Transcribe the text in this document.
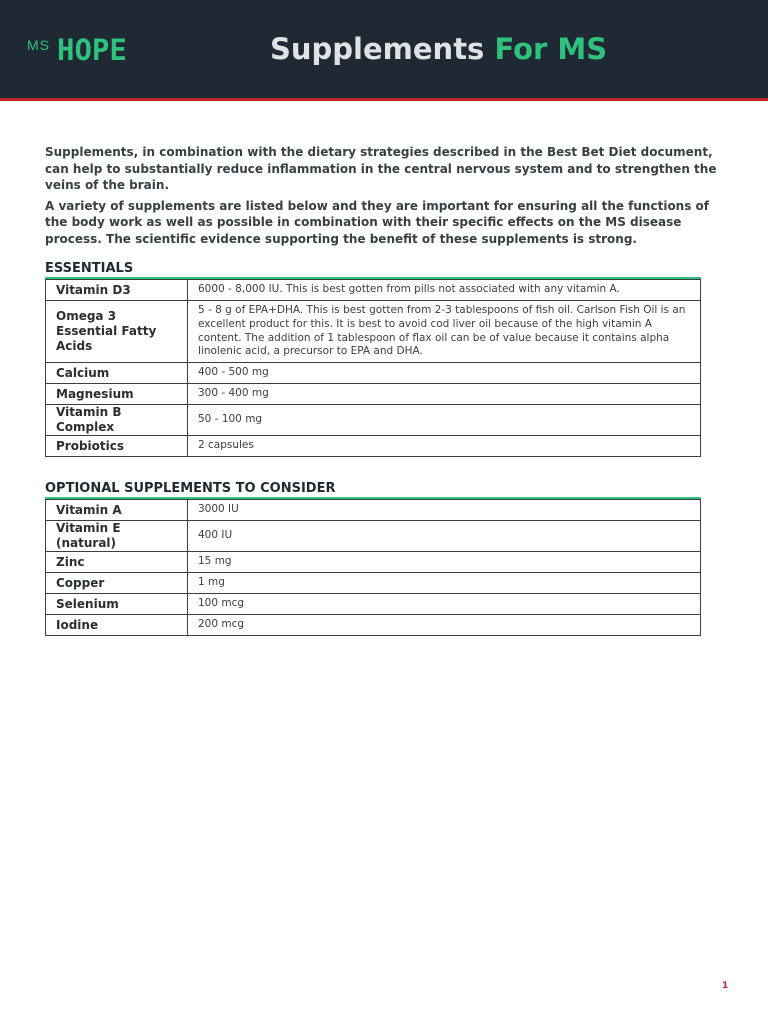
MS HOPE	Supplements For MS

Supplements, in combination with the dietary strategies described in the Best Bet Diet document, can help to substantially reduce inflammation in the central nervous system and to strengthen the veins of the brain.

A variety of supplements are listed below and they are important for ensuring all the functions of the body work as well as possible in combination with their specific effects on the MS disease process. The scientific evidence supporting the benefit of these supplements is strong.

ESSENTIALS
Vitamin D3	6000 - 8,000 IU. This is best gotten from pills not associated with any vitamin A.
Omega 3 Essential Fatty Acids	5 - 8 g of EPA+DHA. This is best gotten from 2-3 tablespoons of fish oil. Carlson Fish Oil is an excellent product for this. It is best to avoid cod liver oil because of the high vitamin A content. The addition of 1 tablespoon of flax oil can be of value because it contains alpha linolenic acid, a precursor to EPA and DHA.
Calcium	400 - 500 mg
Magnesium	300 - 400 mg
Vitamin B Complex	50 - 100 mg
Probiotics	2 capsules
OPTIONAL SUPPLEMENTS TO CONSIDER
Vitamin A	3000 IU
Vitamin E (natural)	400 IU
Zinc	15 mg
Copper	1 mg
Selenium	100 mcg
Iodine	200 mcg
1
